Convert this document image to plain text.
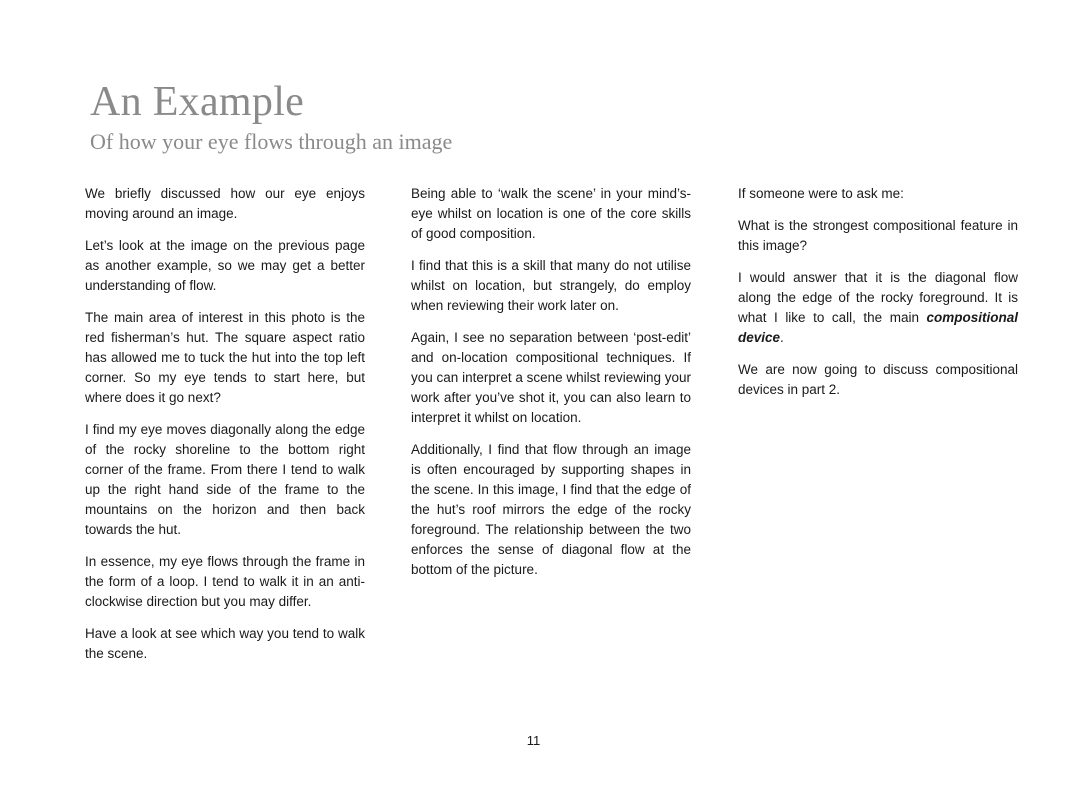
An Example
Of how your eye flows through an image

We briefly discussed how our eye enjoys moving around an image.

Let’s look at the image on the previous page as another example, so we may get a better understanding of flow.

The main area of interest in this photo is the red fisherman’s hut. The square aspect ratio has allowed me to tuck the hut into the top left corner. So my eye tends to start here, but where does it go next?

I find my eye moves diagonally along the edge of the rocky shoreline to the bottom right corner of the frame. From there I tend to walk up the right hand side of the frame to the mountains on the horizon and then back towards the hut.

In essence, my eye flows through the frame in the form of a loop. I tend to walk it in an anti-clockwise direction but you may differ.

Have a look at see which way you tend to walk the scene.

Being able to ‘walk the scene’ in your mind’s-eye whilst on location is one of the core skills of good composition.

I find that this is a skill that many do not utilise whilst on location, but strangely, do employ when reviewing their work later on.

Again, I see no separation between ‘post-edit’ and on-location compositional techniques. If you can interpret a scene whilst reviewing your work after you’ve shot it, you can also learn to interpret it whilst on location.

Additionally, I find that flow through an image is often encouraged by supporting shapes in the scene. In this image, I find that the edge of the hut’s roof mirrors the edge of the rocky foreground. The relationship between the two enforces the sense of diagonal flow at the bottom of the picture.

If someone were to ask me:

What is the strongest compositional feature in this image?

I would answer that it is the diagonal flow along the edge of the rocky foreground. It is what I like to call, the main compositional device.

We are now going to discuss compositional devices in part 2.

11
